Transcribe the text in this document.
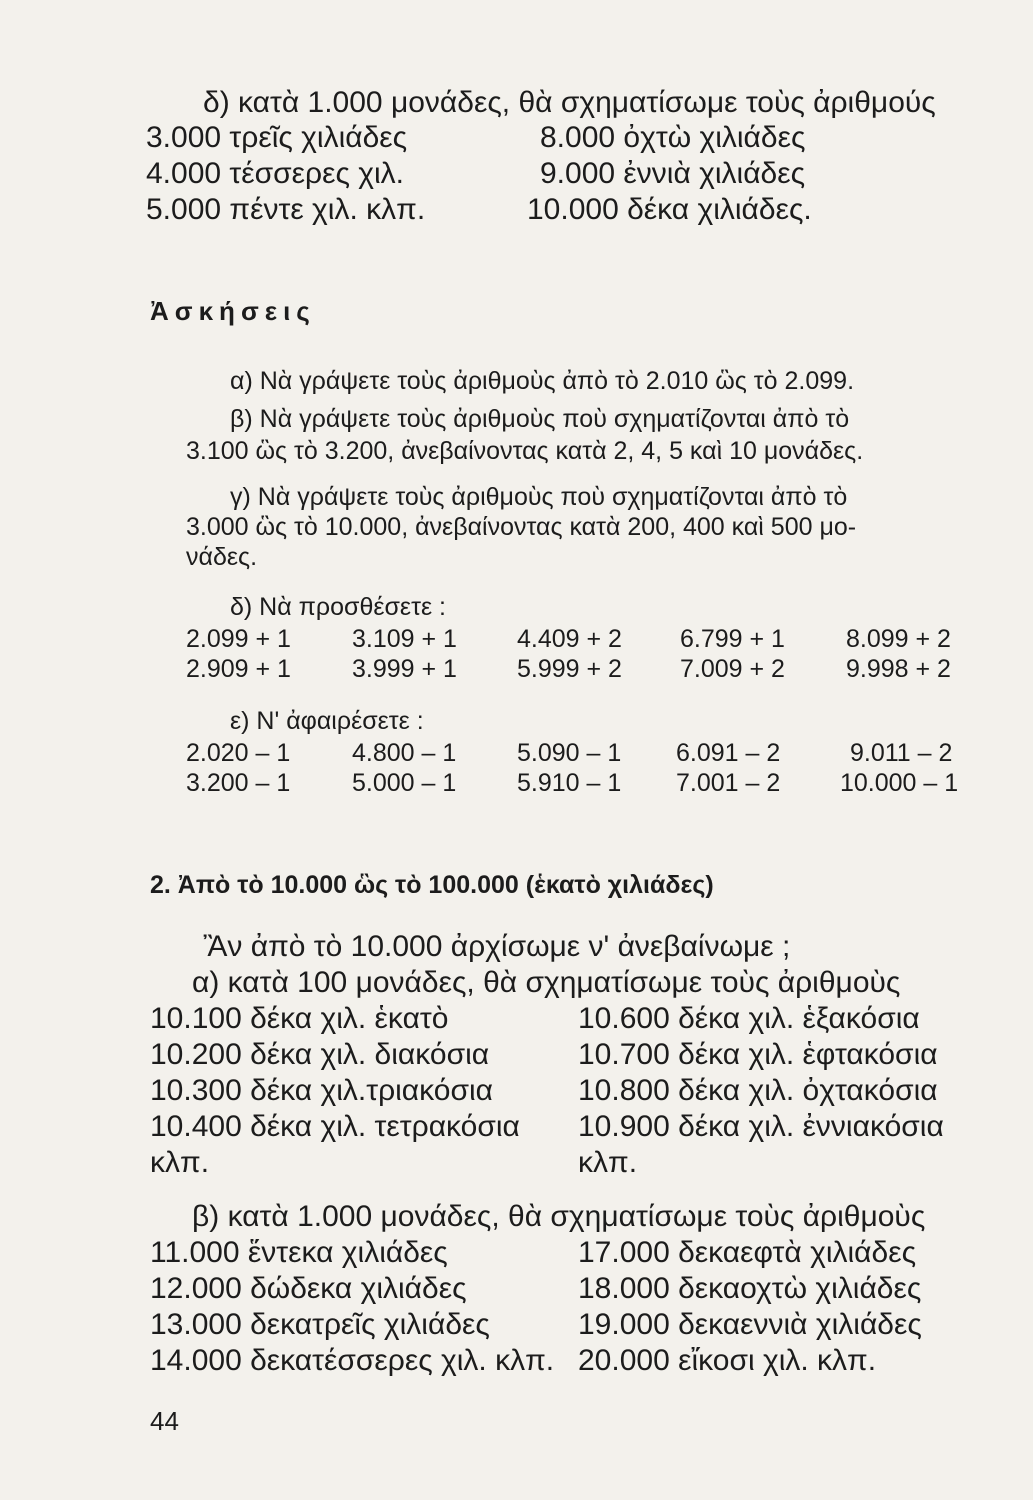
δ) κατὰ 1.000 μονάδες, θὰ σχηματίσωμε τοὺς ἀριθμούς
3.000 τρεῖς χιλιάδες
4.000 τέσσερες χιλ.
5.000 πέντε χιλ. κλπ.
8.000 ὀχτὼ χιλιάδες
9.000 ἐννιὰ χιλιάδες
10.000 δέκα χιλιάδες.
Ἀσκήσεις
α) Νὰ γράψετε τοὺς ἀριθμοὺς ἀπὸ τὸ 2.010 ὣς τὸ 2.099.
β) Νὰ γράψετε τοὺς ἀριθμοὺς ποὺ σχηματίζονται ἀπὸ τὸ
3.100 ὣς τὸ 3.200, ἀνεβαίνοντας κατὰ 2, 4, 5 καὶ 10 μονάδες.
γ) Νὰ γράψετε τοὺς ἀριθμοὺς ποὺ σχηματίζονται ἀπὸ τὸ
3.000 ὣς τὸ 10.000, ἀνεβαίνοντας κατὰ 200, 400 καὶ 500 μο-
νάδες.
δ) Νὰ προσθέσετε :
2.099 + 1 3.109 + 1 4.409 + 2 6.799 + 1 8.099 + 2
2.909 + 1 3.999 + 1 5.999 + 2 7.009 + 2 9.998 + 2
ε) Ν' ἀφαιρέσετε :
2.020 – 1 4.800 – 1 5.090 – 1 6.091 – 2	9.011 – 2
3.200 – 1 5.000 – 1 5.910 – 1 7.001 – 2 10.000 – 1
2. Ἀπὸ τὸ 10.000 ὣς τὸ 100.000 (ἑκατὸ χιλιάδες)
Ἂν ἀπὸ τὸ 10.000 ἀρχίσωμε ν' ἀνεβαίνωμε ;
α) κατὰ 100 μονάδες, θὰ σχηματίσωμε τοὺς ἀριθμοὺς
10.100 δέκα χιλ. ἑκατὸ
10.200 δέκα χιλ. διακόσια
10.300 δέκα χιλ.τριακόσια
10.400 δέκα χιλ. τετρακόσια
κλπ.
10.600 δέκα χιλ. ἑξακόσια
10.700 δέκα χιλ. ἑφτακόσια
10.800 δέκα χιλ. ὀχτακόσια
10.900 δέκα χιλ. ἐννιακόσια
κλπ.
β) κατὰ 1.000 μονάδες, θὰ σχηματίσωμε τοὺς ἀριθμοὺς
11.000 ἕντεκα χιλιάδες
12.000 δώδεκα χιλιάδες
13.000 δεκατρεῖς χιλιάδες
14.000 δεκατέσσερες χιλ. κλπ.
17.000 δεκαεφτὰ χιλιάδες
18.000 δεκαοχτὼ χιλιάδες
19.000 δεκαεννιὰ χιλιάδες
20.000 εἴκοσι χιλ. κλπ.
44
